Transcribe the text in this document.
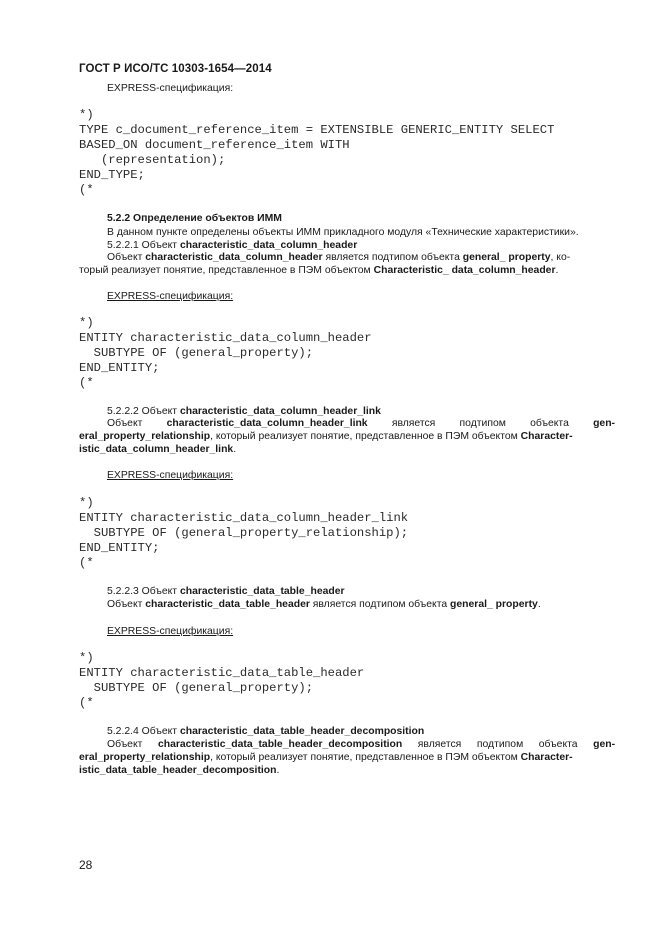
ГОСТ Р ИСО/ТС 10303-1654—2014
EXPRESS-спецификация:
*)
TYPE c_document_reference_item = EXTENSIBLE GENERIC_ENTITY SELECT
BASED_ON document_reference_item WITH
(representation);
END_TYPE;
(*
5.2.2 Определение объектов ИММ
В данном пункте определены объекты ИММ прикладного модуля «Технические характеристики».
5.2.2.1 Объект characteristic_data_column_header
Объект characteristic_data_column_header является подтипом объекта general_ property, ко-
торый реализует понятие, представленное в ПЭМ объектом Characteristic_ data_column_header.
EXPRESS-спецификация:
*)
ENTITY characteristic_data_column_header
SUBTYPE OF (general_property);
END_ENTITY;
(*
5.2.2.2 Объект characteristic_data_column_header_link
Объект characteristic_data_column_header_link является подтипом объекта gen-
eral_property_relationship, который реализует понятие, представленное в ПЭМ объектом Character-
istic_data_column_header_link.
EXPRESS-спецификация:
*)
ENTITY characteristic_data_column_header_link
SUBTYPE OF (general_property_relationship);
END_ENTITY;
(*
5.2.2.3 Объект characteristic_data_table_header
Объект characteristic_data_table_header является подтипом объекта general_ property.
EXPRESS-спецификация:
*)
ENTITY characteristic_data_table_header
SUBTYPE OF (general_property);
(*
5.2.2.4 Объект characteristic_data_table_header_decomposition
Объект characteristic_data_table_header_decomposition является подтипом объекта gen-
eral_property_relationship, который реализует понятие, представленное в ПЭМ объектом Character-
istic_data_table_header_decomposition.
28
